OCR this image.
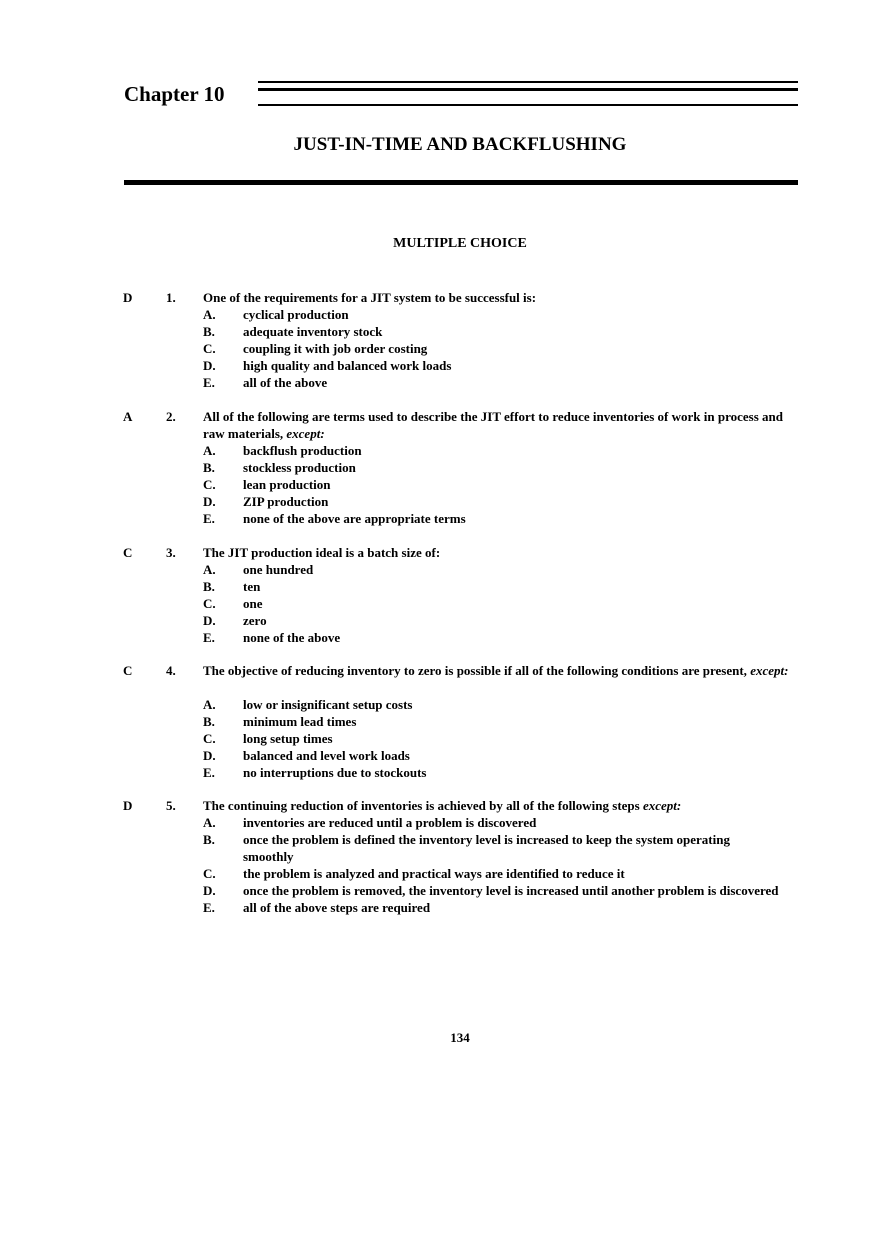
Chapter 10
JUST-IN-TIME AND BACKFLUSHING
MULTIPLE CHOICE
D	1. One of the requirements for a JIT system to be successful is:
A. cyclical production
B. adequate inventory stock
C. coupling it with job order costing
D. high quality and balanced work loads
E. all of the above
A	2. All of the following are terms used to describe the JIT effort to reduce inventories of work in process and raw materials, except:
A. backflush production
B. stockless production
C. lean production
D. ZIP production
E. none of the above are appropriate terms
C	3. The JIT production ideal is a batch size of:
A. one hundred
B. ten
C. one
D. zero
E. none of the above
C	4. The objective of reducing inventory to zero is possible if all of the following conditions are present, except:
A. low or insignificant setup costs
B. minimum lead times
C. long setup times
D. balanced and level work loads
E. no interruptions due to stockouts
D	5. The continuing reduction of inventories is achieved by all of the following steps except:
A. inventories are reduced until a problem is discovered
B. once the problem is defined the inventory level is increased to keep the system operating smoothly
C. the problem is analyzed and practical ways are identified to reduce it
D. once the problem is removed, the inventory level is increased until another problem is discovered
E. all of the above steps are required
134
